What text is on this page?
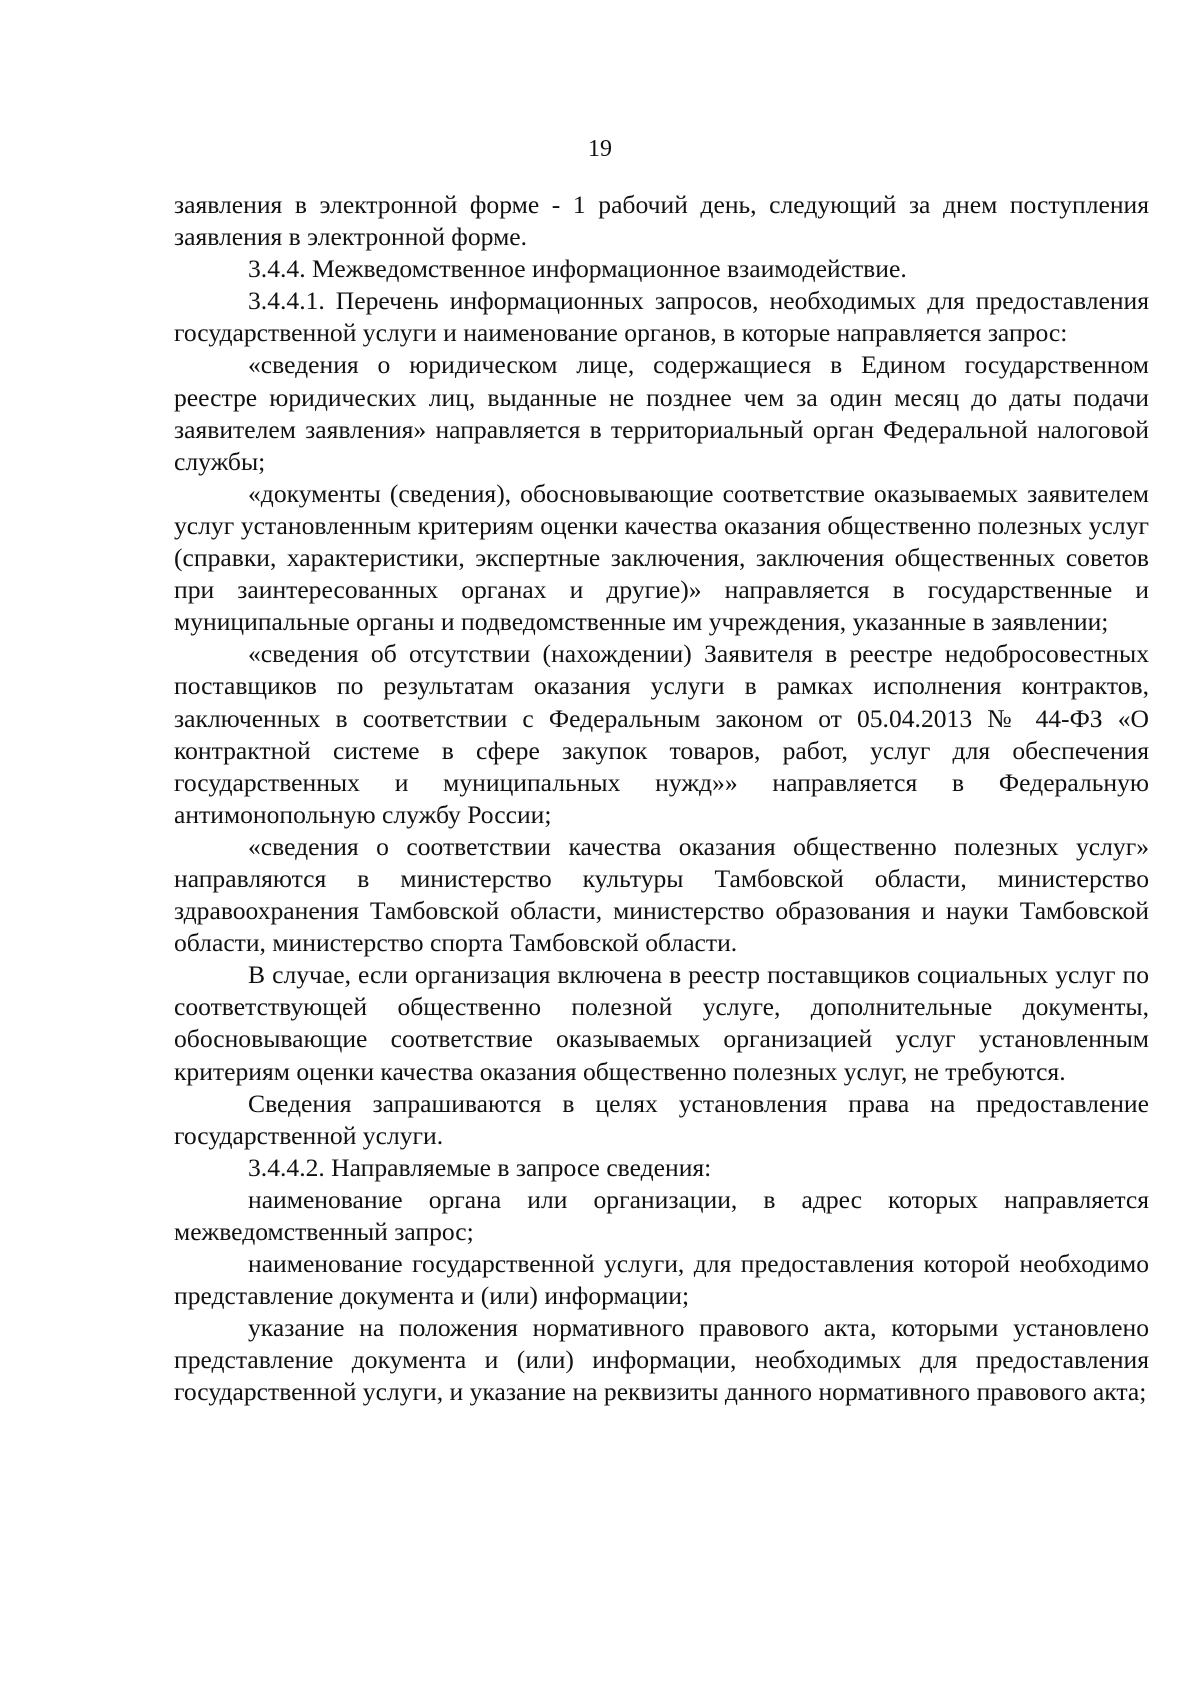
19

заявления в электронной форме - 1 рабочий день, следующий за днем поступления заявления в электронной форме.

3.4.4. Межведомственное информационное взаимодействие.

3.4.4.1. Перечень информационных запросов, необходимых для предоставления государственной услуги и наименование органов, в которые направляется запрос:

«сведения о юридическом лице, содержащиеся в Едином государственном реестре юридических лиц, выданные не позднее чем за один месяц до даты подачи заявителем заявления» направляется в территориальный орган Федеральной налоговой службы;

«документы (сведения), обосновывающие соответствие оказываемых заявителем услуг установленным критериям оценки качества оказания общественно полезных услуг (справки, характеристики, экспертные заключения, заключения общественных советов при заинтересованных органах и другие)» направляется в государственные и муниципальные органы и подведомственные им учреждения, указанные в заявлении;

«сведения об отсутствии (нахождении) Заявителя в реестре недобросовестных поставщиков по результатам оказания услуги в рамках исполнения контрактов, заключенных в соответствии с Федеральным законом от 05.04.2013 № 44-ФЗ «О контрактной системе в сфере закупок товаров, работ, услуг для обеспечения государственных и муниципальных нужд»» направляется в Федеральную антимонопольную службу России;

«сведения о соответствии качества оказания общественно полезных услуг» направляются в министерство культуры Тамбовской области, министерство здравоохранения Тамбовской области, министерство образования и науки Тамбовской области, министерство спорта Тамбовской области.

В случае, если организация включена в реестр поставщиков социальных услуг по соответствующей общественно полезной услуге, дополнительные документы, обосновывающие соответствие оказываемых организацией услуг установленным критериям оценки качества оказания общественно полезных услуг, не требуются.

Сведения запрашиваются в целях установления права на предоставление государственной услуги.

3.4.4.2. Направляемые в запросе сведения:

наименование органа или организации, в адрес которых направляется межведомственный запрос;

наименование государственной услуги, для предоставления которой необходимо представление документа и (или) информации;

указание на положения нормативного правового акта, которыми установлено представление документа и (или) информации, необходимых для предоставления государственной услуги, и указание на реквизиты данного нормативного правового акта;
